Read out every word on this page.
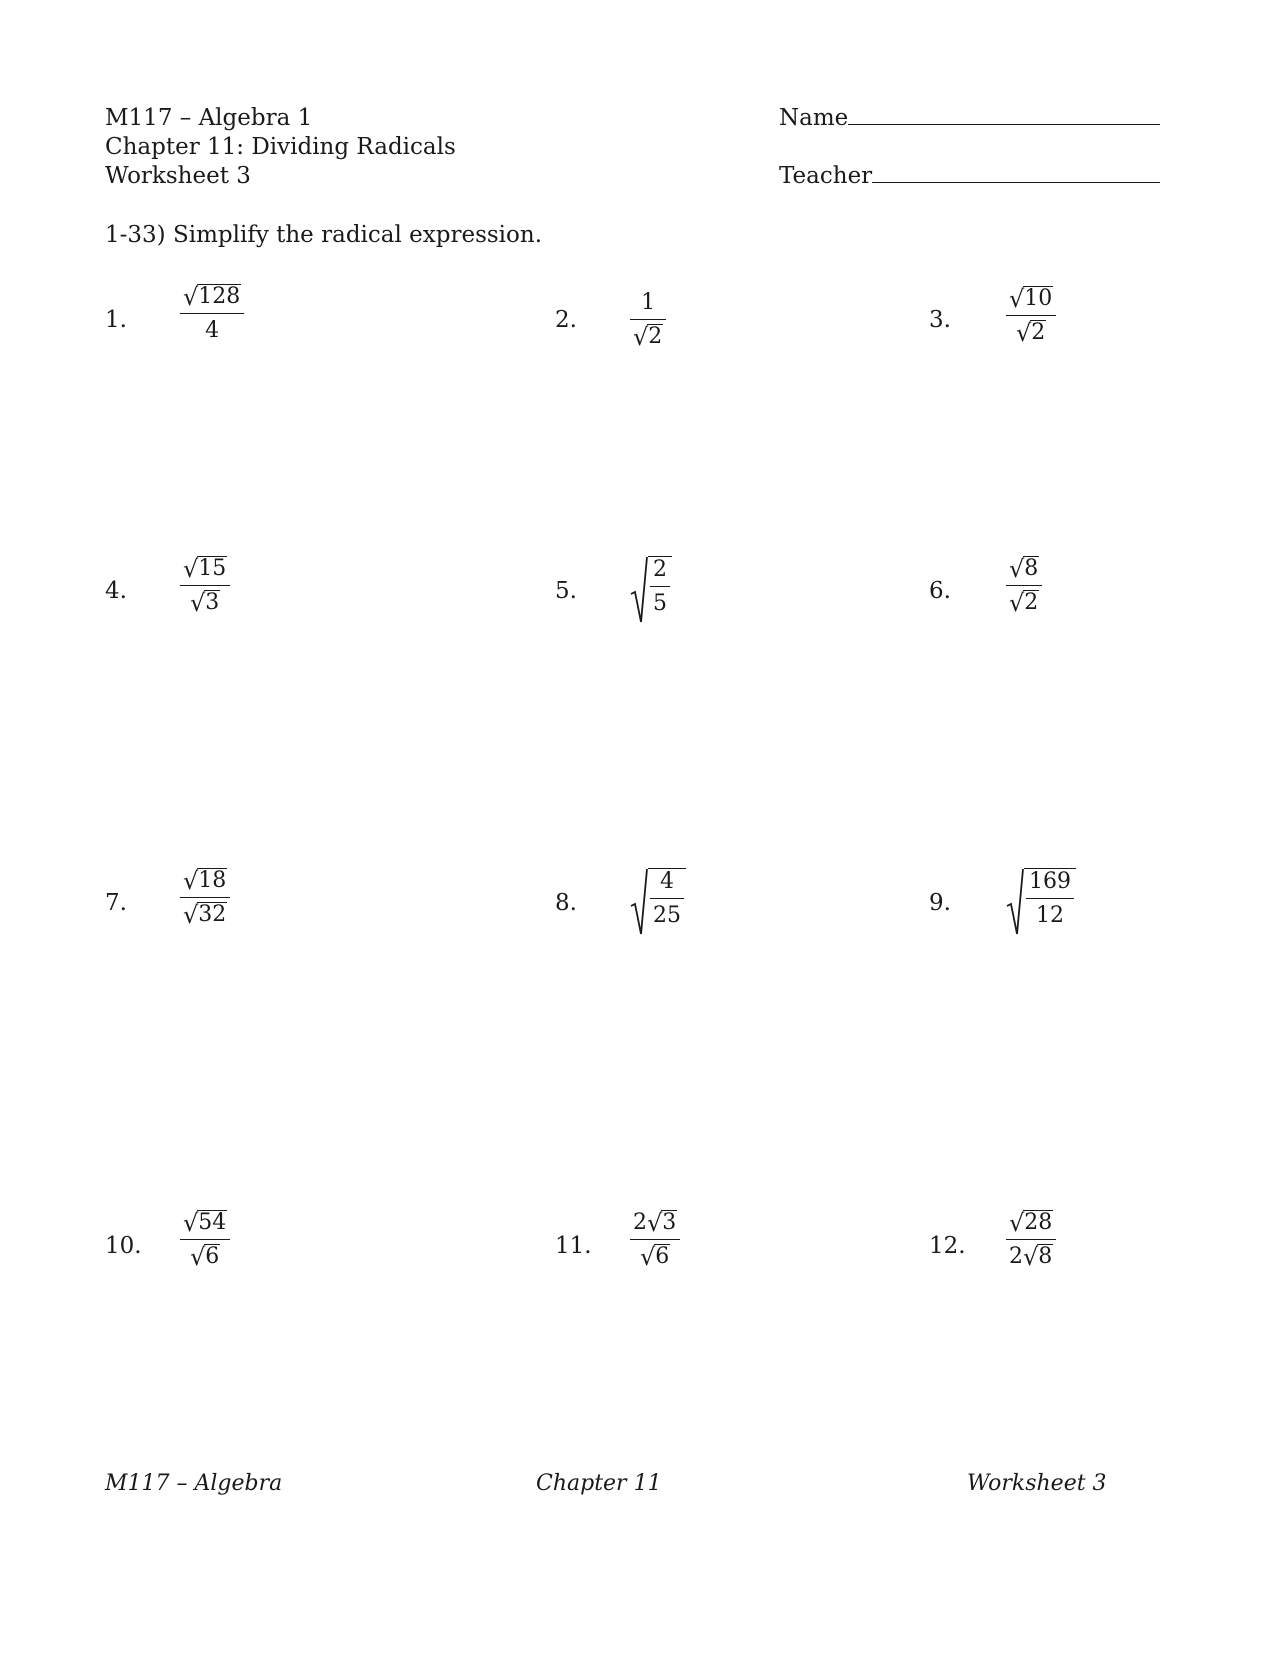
M117 – Algebra 1
Chapter 11: Dividing Radicals
Worksheet 3
Name
Teacher
1-33) Simplify the radical expression.
1. $\frac{√ 128}{4}$	2. $\frac{1}{√ 2}$	3. $\frac{√ 10}{√ 2}$
4. $\frac{√ 15}{√ 3}$	5.	$\frac{2}{5}$	6. $\frac{√ 8}{√ 2}$
7. $\frac{√ 18}{√ 32}$	8.	$\frac{4}{25}$	9.	$\frac{169}{12}$
10. $\frac{√ 54}{√ 6}$	11. $\frac{2 √ 3}{√ 6}$	12. $\frac{√ 28}{2 √ 8}$
M117 – Algebra	Chapter 11	Worksheet 3
